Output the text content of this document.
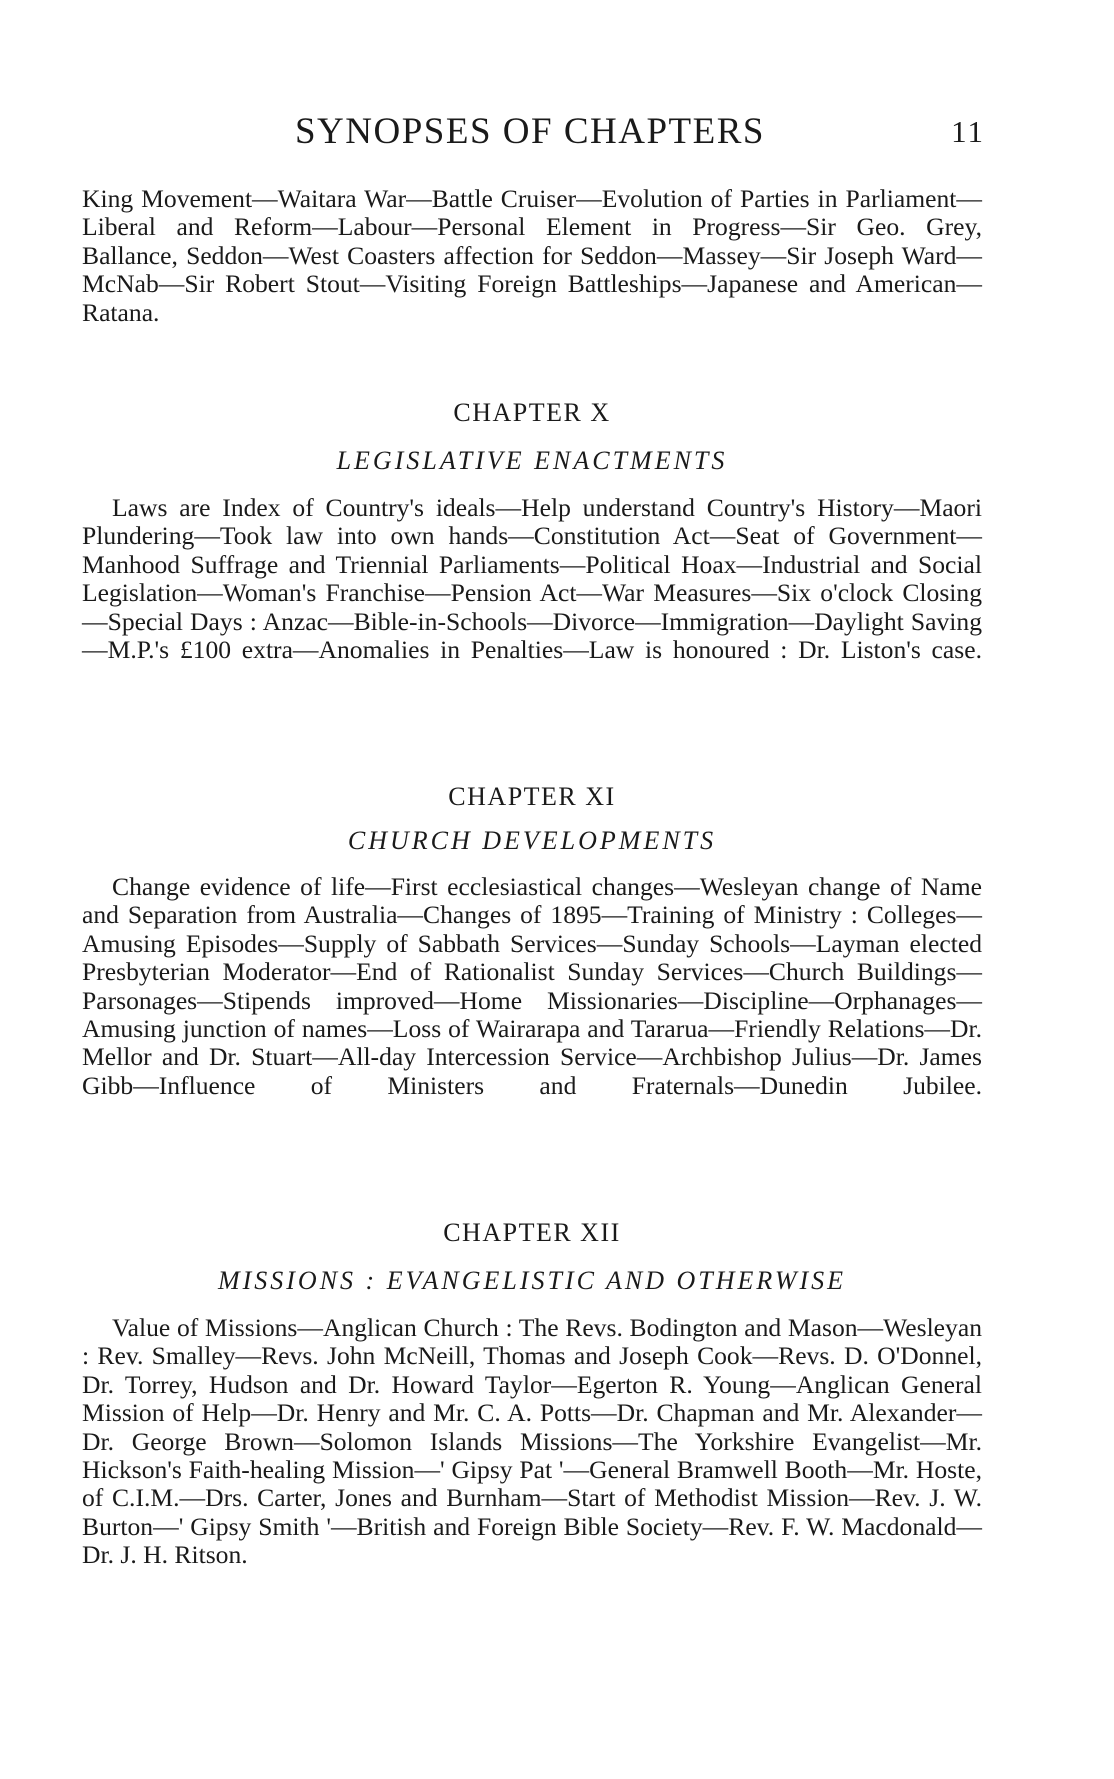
SYNOPSES OF CHAPTERS	11

King Movement—Waitara War—Battle Cruiser—Evolution of Parties in Parliament—Liberal and Reform—Labour—Personal Element in Progress—Sir Geo. Grey, Ballance, Seddon—West Coasters affection for Seddon—Massey—Sir Joseph Ward—McNab—Sir Robert Stout—Visiting Foreign Battleships—Japanese and American—Ratana.

CHAPTER X
LEGISLATIVE ENACTMENTS

Laws are Index of Country's ideals—Help understand Country's History—Maori Plundering—Took law into own hands—Constitution Act—Seat of Government—Manhood Suffrage and Triennial Parliaments—Political Hoax—Industrial and Social Legislation—Woman's Franchise—Pension Act—War Measures—Six o'clock Closing—Special Days : Anzac—Bible-in-Schools—Divorce—Immigration—Daylight Saving—M.P.'s £100 extra—Anomalies in Penalties—Law is honoured : Dr. Liston's case.

CHAPTER XI
CHURCH DEVELOPMENTS

Change evidence of life—First ecclesiastical changes—Wesleyan change of Name and Separation from Australia—Changes of 1895—Training of Ministry : Colleges—Amusing Episodes—Supply of Sabbath Services—Sunday Schools—Layman elected Presbyterian Moderator—End of Rationalist Sunday Services—Church Buildings—Parsonages—Stipends improved—Home Missionaries—Discipline—Orphanages—Amusing junction of names—Loss of Wairarapa and Tararua—Friendly Relations—Dr. Mellor and Dr. Stuart—All-day Intercession Service—Archbishop Julius—Dr. James Gibb—Influence of Ministers and Fraternals—Dunedin Jubilee.

CHAPTER XII
MISSIONS : EVANGELISTIC AND OTHERWISE

Value of Missions—Anglican Church : The Revs. Bodington and Mason—Wesleyan : Rev. Smalley—Revs. John McNeill, Thomas and Joseph Cook—Revs. D. O'Donnel, Dr. Torrey, Hudson and Dr. Howard Taylor—Egerton R. Young—Anglican General Mission of Help—Dr. Henry and Mr. C. A. Potts—Dr. Chapman and Mr. Alexander—Dr. George Brown—Solomon Islands Missions—The Yorkshire Evangelist—Mr. Hickson's Faith-healing Mission—' Gipsy Pat '—General Bramwell Booth—Mr. Hoste, of C.I.M.—Drs. Carter, Jones and Burnham—Start of Methodist Mission—Rev. J. W. Burton—' Gipsy Smith '—British and Foreign Bible Society—Rev. F. W. Macdonald—Dr. J. H. Ritson.
